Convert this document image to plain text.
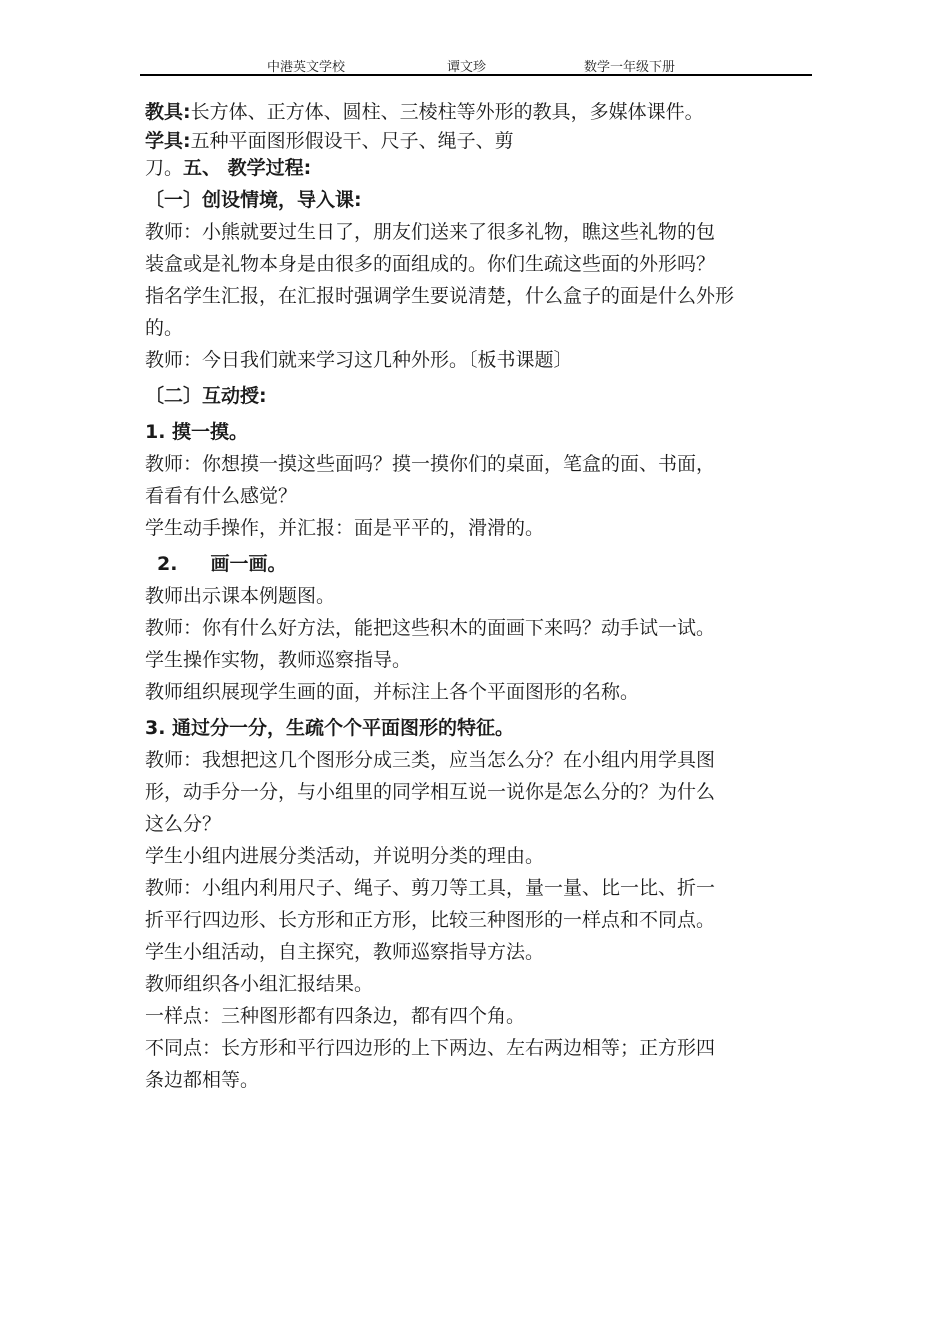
中港英文学校	谭文珍	数学一年级下册

教具:长方体、正方体、圆柱、三棱柱等外形的教具，多媒体课件。

学具:五种平面图形假设干、尺子、绳子、剪

刀。五、 教学过程:

〔一〕创设情境，导入课:

教师：小熊就要过生日了，朋友们送来了很多礼物，瞧这些礼物的包

装盒或是礼物本身是由很多的面组成的。你们生疏这些面的外形吗？

指名学生汇报，在汇报时强调学生要说清楚，什么盒子的面是什么外形

的。

教师：今日我们就来学习这几种外形。〔板书课题〕

〔二〕互动授:

1. 摸一摸。

教师：你想摸一摸这些面吗？摸一摸你们的桌面，笔盒的面、书面，

看看有什么感觉？

学生动手操作，并汇报：面是平平的，滑滑的。

2.     画一画。

教师出示课本例题图。

教师：你有什么好方法，能把这些积木的面画下来吗？动手试一试。

学生操作实物，教师巡察指导。

教师组织展现学生画的面，并标注上各个平面图形的名称。

3. 通过分一分，生疏个个平面图形的特征。

教师：我想把这几个图形分成三类，应当怎么分？在小组内用学具图

形，动手分一分，与小组里的同学相互说一说你是怎么分的？为什么

这么分？

学生小组内进展分类活动，并说明分类的理由。

教师：小组内利用尺子、绳子、剪刀等工具，量一量、比一比、折一

折平行四边形、长方形和正方形，比较三种图形的一样点和不同点。

学生小组活动，自主探究，教师巡察指导方法。

教师组织各小组汇报结果。

一样点：三种图形都有四条边，都有四个角。

不同点：长方形和平行四边形的上下两边、左右两边相等；正方形四

条边都相等。
